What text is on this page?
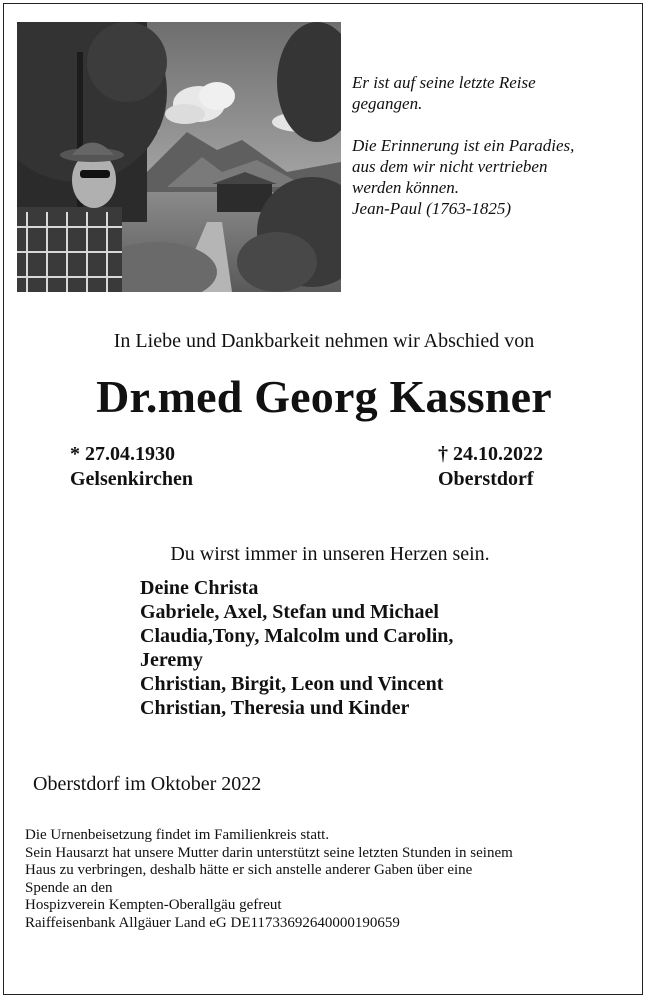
Er ist auf seine letzte Reise

gegangen.

Die Erinnerung ist ein Paradies,

aus dem wir nicht vertrieben

werden können.

Jean-Paul (1763-1825)

In Liebe und Dankbarkeit nehmen wir Abschied von
Dr.med Georg Kassner
* 27.04.1930
Gelsenkirchen
† 24.10.2022
Oberstdorf
Du wirst immer in unseren Herzen sein.
Deine Christa
Gabriele, Axel, Stefan und Michael
Claudia,Tony, Malcolm und Carolin,
Jeremy
Christian, Birgit, Leon und Vincent
Christian, Theresia und Kinder
Oberstdorf im Oktober 2022
Die Urnenbeisetzung findet im Familienkreis statt.
Sein Hausarzt hat unsere Mutter darin unterstützt seine letzten Stunden in seinem
Haus zu verbringen, deshalb hätte er sich anstelle anderer Gaben über eine
Spende an den
Hospizverein Kempten-Oberallgäu gefreut
Raiffeisenbank Allgäuer Land eG DE11733692640000190659
